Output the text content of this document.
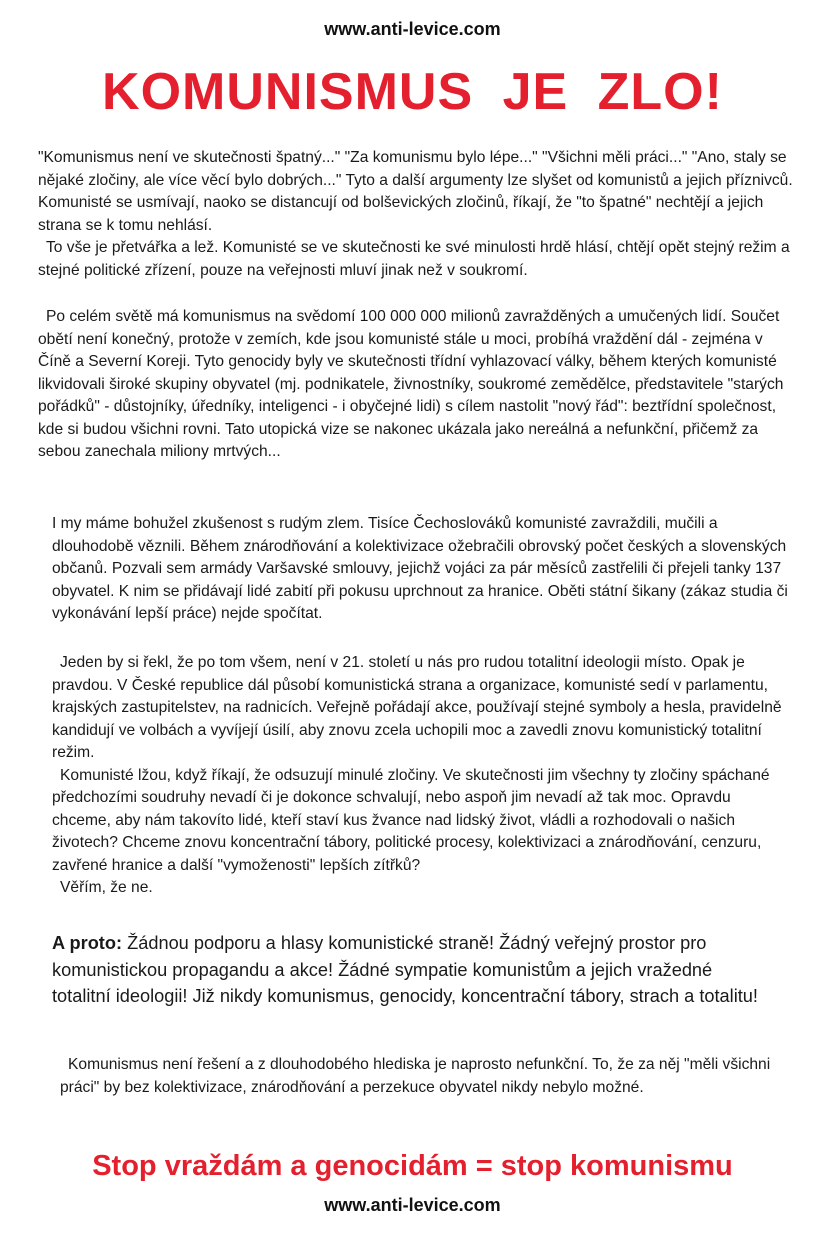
www.anti-levice.com
KOMUNISMUS JE ZLO!

"Komunismus není ve skutečnosti špatný..." "Za komunismu bylo lépe..." "Všichni měli práci..." "Ano, staly se nějaké zločiny, ale více věcí bylo dobrých..." Tyto a další argumenty lze slyšet od komunistů a jejich příznivců. Komunisté se usmívají, naoko se distancují od bolševických zločinů, říkají, že "to špatné" nechtějí a jejich strana se k tomu nehlásí.
To vše je přetvářka a lež. Komunisté se ve skutečnosti ke své minulosti hrdě hlásí, chtějí opět stejný režim a stejné politické zřízení, pouze na veřejnosti mluví jinak než v soukromí.

Po celém světě má komunismus na svědomí 100 000 000 milionů zavražděných a umučených lidí. Součet obětí není konečný, protože v zemích, kde jsou komunisté stále u moci, probíhá vraždění dál - zejména v Číně a Severní Koreji. Tyto genocidy byly ve skutečnosti třídní vyhlazovací války, během kterých komunisté likvidovali široké skupiny obyvatel (mj. podnikatele, živnostníky, soukromé zemědělce, představitele "starých pořádků" - důstojníky, úředníky, inteligenci - i obyčejné lidi) s cílem nastolit "nový řád": beztřídní společnost, kde si budou všichni rovni. Tato utopická vize se nakonec ukázala jako nereálná a nefunkční, přičemž za sebou zanechala miliony mrtvých...

I my máme bohužel zkušenost s rudým zlem. Tisíce Čechoslováků komunisté zavraždili, mučili a dlouhodobě věznili. Během znárodňování a kolektivizace ožebračili obrovský počet českých a slovenských občanů. Pozvali sem armády Varšavské smlouvy, jejichž vojáci za pár měsíců zastřelili či přejeli tanky 137 obyvatel. K nim se přidávají lidé zabití při pokusu uprchnout za hranice. Oběti státní šikany (zákaz studia či vykonávání lepší práce) nejde spočítat.

Jeden by si řekl, že po tom všem, není v 21. století u nás pro rudou totalitní ideologii místo. Opak je pravdou. V České republice dál působí komunistická strana a organizace, komunisté sedí v parlamentu, krajských zastupitelstev, na radnicích. Veřejně pořádají akce, používají stejné symboly a hesla, pravidelně kandidují ve volbách a vyvíjejí úsilí, aby znovu zcela uchopili moc a zavedli znovu komunistický totalitní režim.
Komunisté lžou, když říkají, že odsuzují minulé zločiny. Ve skutečnosti jim všechny ty zločiny spáchané předchozími soudruhy nevadí či je dokonce schvalují, nebo aspoň jim nevadí až tak moc. Opravdu chceme, aby nám takovíto lidé, kteří staví kus žvance nad lidský život, vládli a rozhodovali o našich životech? Chceme znovu koncentrační tábory, politické procesy, kolektivizaci a znárodňování, cenzuru, zavřené hranice a další "vymoženosti" lepších zítřků?
Věřím, že ne.

A proto: Žádnou podporu a hlasy komunistické straně! Žádný veřejný prostor pro komunistickou propagandu a akce! Žádné sympatie komunistům a jejich vražedné totalitní ideologii! Již nikdy komunismus, genocidy, koncentrační tábory, strach a totalitu!

Komunismus není řešení a z dlouhodobého hlediska je naprosto nefunkční. To, že za něj "měli všichni práci" by bez kolektivizace, znárodňování a perzekuce obyvatel nikdy nebylo možné.

Stop vraždám a genocidám = stop komunismu
www.anti-levice.com
